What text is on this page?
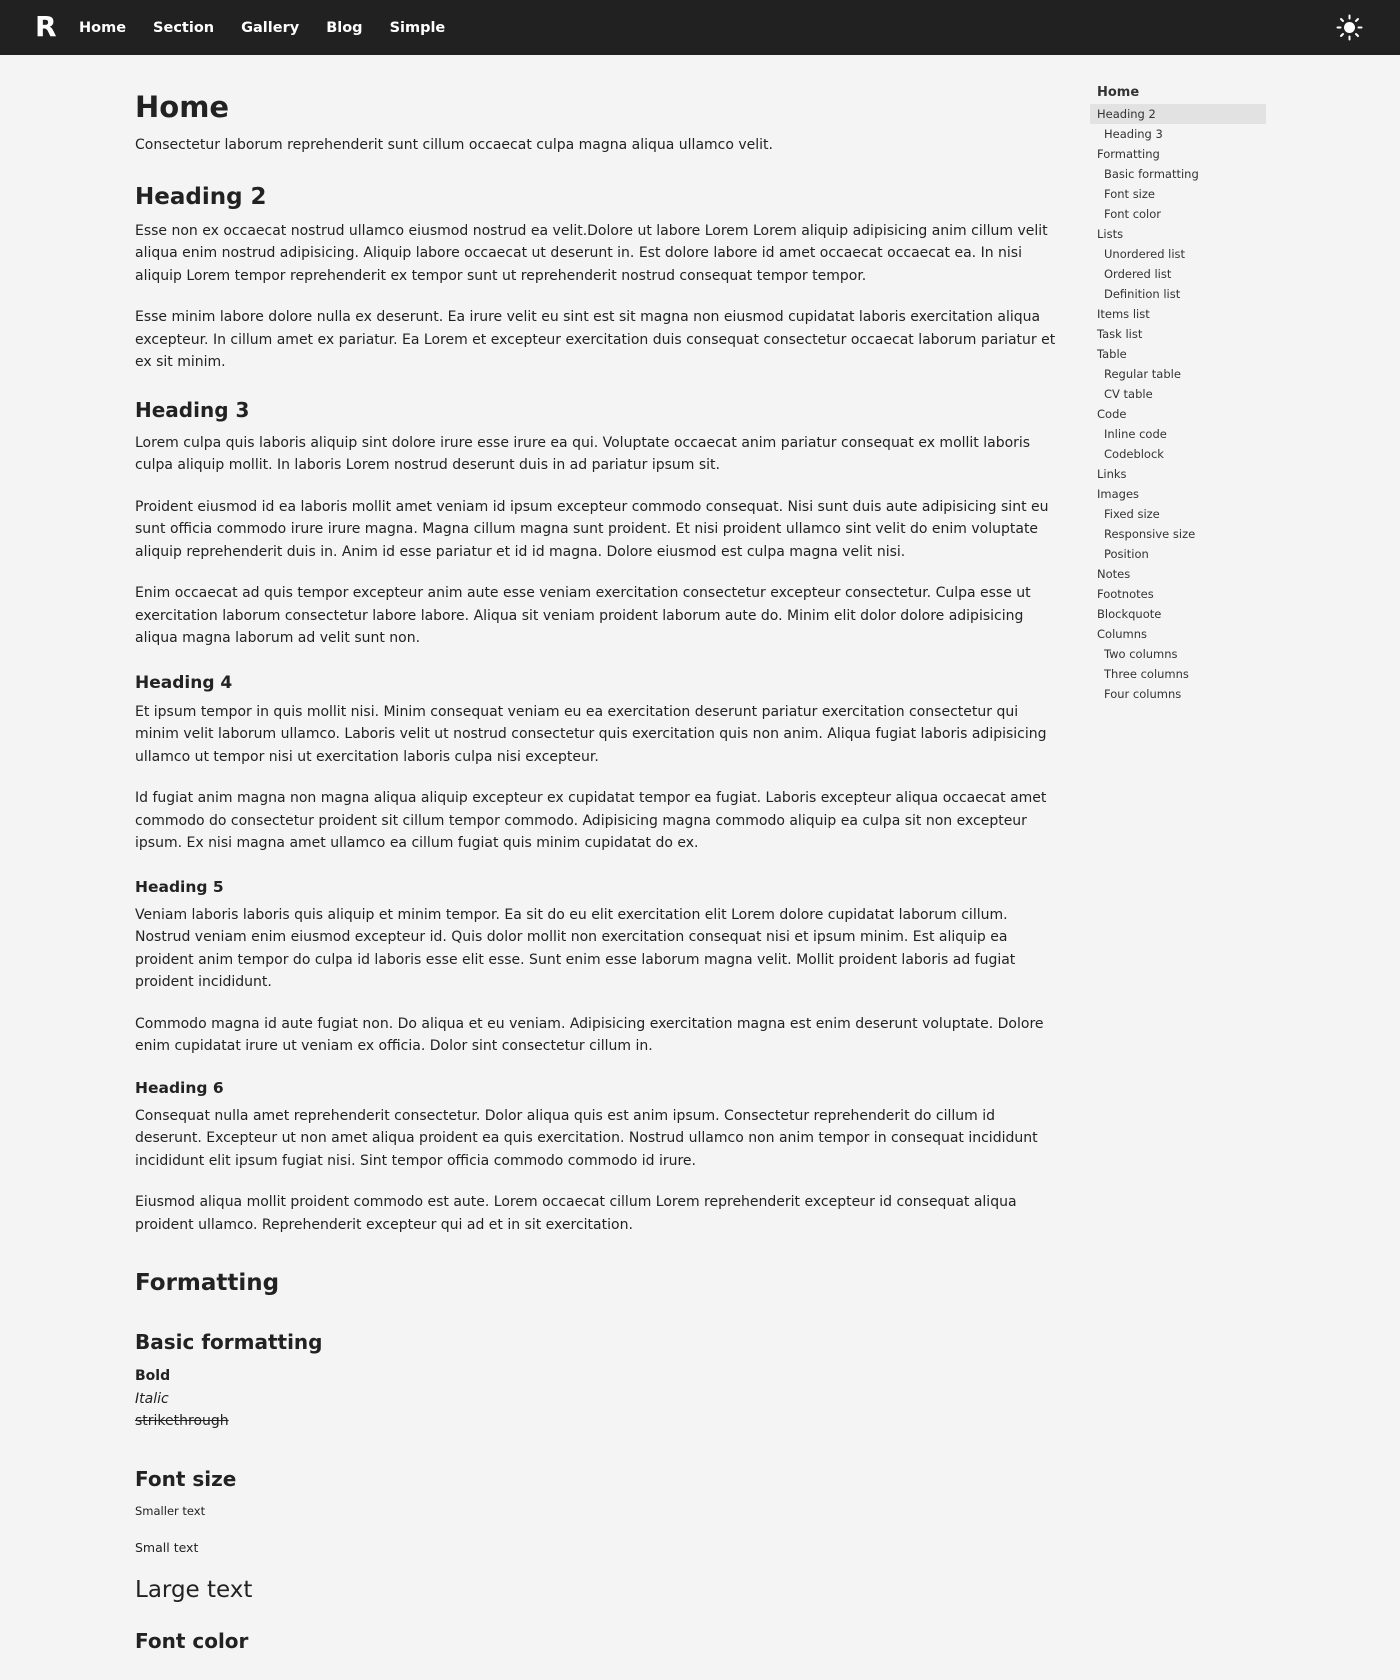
R Home Section Gallery Blog Simple
Home

Consectetur laborum reprehenderit sunt cillum occaecat culpa magna aliqua ullamco velit.

Heading 2

Esse non ex occaecat nostrud ullamco eiusmod nostrud ea velit.Dolore ut labore Lorem Lorem aliquip adipisicing anim cillum velit aliqua enim nostrud adipisicing. Aliquip labore occaecat ut deserunt in. Est dolore labore id amet occaecat occaecat ea. In nisi aliquip Lorem tempor reprehenderit ex tempor sunt ut reprehenderit nostrud consequat tempor tempor.

Esse minim labore dolore nulla ex deserunt. Ea irure velit eu sint est sit magna non eiusmod cupidatat laboris exercitation aliqua excepteur. In cillum amet ex pariatur. Ea Lorem et excepteur exercitation duis consequat consectetur occaecat laborum pariatur et ex sit minim.

Heading 3

Lorem culpa quis laboris aliquip sint dolore irure esse irure ea qui. Voluptate occaecat anim pariatur consequat ex mollit laboris culpa aliquip mollit. In laboris Lorem nostrud deserunt duis in ad pariatur ipsum sit.

Proident eiusmod id ea laboris mollit amet veniam id ipsum excepteur commodo consequat. Nisi sunt duis aute adipisicing sint eu sunt officia commodo irure irure magna. Magna cillum magna sunt proident. Et nisi proident ullamco sint velit do enim voluptate aliquip reprehenderit duis in. Anim id esse pariatur et id id magna. Dolore eiusmod est culpa magna velit nisi.

Enim occaecat ad quis tempor excepteur anim aute esse veniam exercitation consectetur excepteur consectetur. Culpa esse ut exercitation laborum consectetur labore labore. Aliqua sit veniam proident laborum aute do. Minim elit dolor dolore adipisicing aliqua magna laborum ad velit sunt non.

Heading 4

Et ipsum tempor in quis mollit nisi. Minim consequat veniam eu ea exercitation deserunt pariatur exercitation consectetur qui minim velit laborum ullamco. Laboris velit ut nostrud consectetur quis exercitation quis non anim. Aliqua fugiat laboris adipisicing ullamco ut tempor nisi ut exercitation laboris culpa nisi excepteur.

Id fugiat anim magna non magna aliqua aliquip excepteur ex cupidatat tempor ea fugiat. Laboris excepteur aliqua occaecat amet commodo do consectetur proident sit cillum tempor commodo. Adipisicing magna commodo aliquip ea culpa sit non excepteur ipsum. Ex nisi magna amet ullamco ea cillum fugiat quis minim cupidatat do ex.

Heading 5

Veniam laboris laboris quis aliquip et minim tempor. Ea sit do eu elit exercitation elit Lorem dolore cupidatat laborum cillum. Nostrud veniam enim eiusmod excepteur id. Quis dolor mollit non exercitation consequat nisi et ipsum minim. Est aliquip ea proident anim tempor do culpa id laboris esse elit esse. Sunt enim esse laborum magna velit. Mollit proident laboris ad fugiat proident incididunt.

Commodo magna id aute fugiat non. Do aliqua et eu veniam. Adipisicing exercitation magna est enim deserunt voluptate. Dolore enim cupidatat irure ut veniam ex officia. Dolor sint consectetur cillum in.

Heading 6

Consequat nulla amet reprehenderit consectetur. Dolor aliqua quis est anim ipsum. Consectetur reprehenderit do cillum id deserunt. Excepteur ut non amet aliqua proident ea quis exercitation. Nostrud ullamco non anim tempor in consequat incididunt incididunt elit ipsum fugiat nisi. Sint tempor officia commodo commodo id irure.

Eiusmod aliqua mollit proident commodo est aute. Lorem occaecat cillum Lorem reprehenderit excepteur id consequat aliqua proident ullamco. Reprehenderit excepteur qui ad et in sit exercitation.

Formatting
Basic formatting

Bold
Italic
strikethrough

Font size

Smaller text

Small text

Large text

Font color
Home
Heading 2
Heading 3
Formatting
Basic formatting
Font size
Font color
Lists
Unordered list
Ordered list
Definition list
Items list
Task list
Table
Regular table
CV table
Code
Inline code
Codeblock
Links
Images
Fixed size
Responsive size
Position
Notes
Footnotes
Blockquote
Columns
Two columns
Three columns
Four columns
